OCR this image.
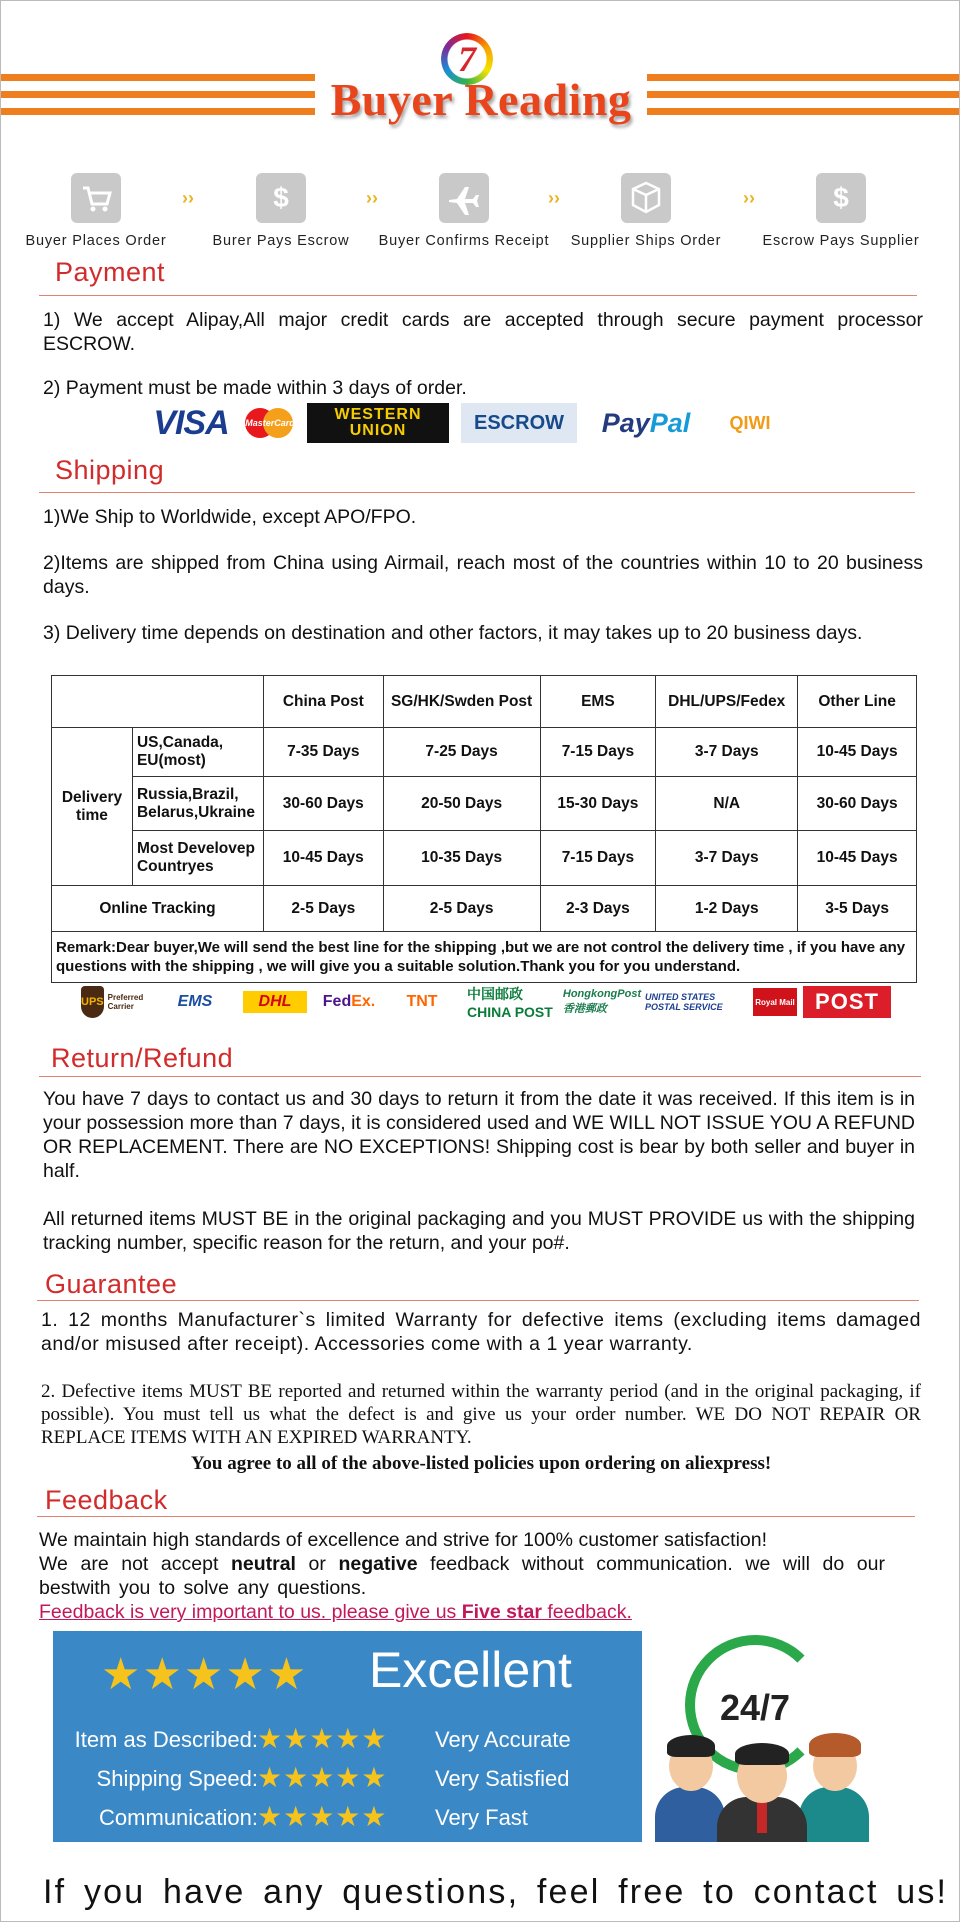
7
Buyer Reading
Buyer Places Order
››	$
Burer Pays Escrow
››
Buyer Confirms Receipt
››
Supplier Ships Order
››	$
Escrow Pays Supplier
Payment
1) We accept Alipay,All major credit cards are accepted through secure payment processor ESCROW.
2) Payment must be made within 3 days of order.
VISA	MasterCard WESTERN
UNION	ESCROW	Pay Pal	QIWI
Shipping
1)We Ship to Worldwide, except APO/FPO.
2)Items are shipped from China using Airmail, reach most of the countries within 10 to 20 business days.
3) Delivery time depends on destination and other factors, it may takes up to 20 business days.
		China Post	SG/HK/Swden Post	EMS	DHL/UPS/Fedex	Other Line
Delivery time	US,Canada, EU(most)	7-35 Days	7-25 Days	7-15 Days	3-7 Days	10-45 Days
	Russia,Brazil, Belarus,Ukraine	30-60 Days	20-50 Days	15-30 Days	N/A	30-60 Days
	Most Develovep Countryes	10-45 Days	10-35 Days	7-15 Days	3-7 Days	10-45 Days
Online Tracking		2-5 Days	2-5 Days	2-3 Days	1-2 Days	3-5 Days
Remark:Dear buyer,We will send the best line for the shipping ,but we are not control the delivery time , if you have any questions with the shipping , we will give you a suitable solution.Thank you for you understand.						
UPS Preferred Carrier	EMS	DHL	Fed Ex.	TNT	中国邮政 CHINA POST
HongkongPost 香港郵政
UNITED STATES POSTAL SERVICE	Royal Mail POST
Return/Refund
You have 7 days to contact us and 30 days to return it from the date it was received. If this item is in your possession more than 7 days, it is considered used and WE WILL NOT ISSUE YOU A REFUND OR REPLACEMENT. There are NO EXCEPTIONS! Shipping cost is bear by both seller and buyer in half.
All returned items MUST BE in the original packaging and you MUST PROVIDE us with the shipping tracking number, specific reason for the return, and your po#.
Guarantee
1. 12 months Manufacturer`s limited Warranty for defective items (excluding items damaged and/or misused after receipt). Accessories come with a 1 year warranty.
2. Defective items MUST BE reported and returned within the warranty period (and in the original packaging, if possible). You must tell us what the defect is and give us your order number. WE DO NOT REPAIR OR REPLACE ITEMS WITH AN EXPIRED WARRANTY.
You agree to all of the above-listed policies upon ordering on aliexpress!
Feedback
We maintain high standards of excellence and strive for 100% customer satisfaction!
We are not accept neutral or negative feedback without communication. we will do our bestwith you to solve any questions.
Feedback is very important to us. please give us Five star feedback.
★★★★★ Excellent
Item as Described: ★★★★★ Very Accurate
Shipping Speed: ★★★★★ Very Satisfied
Communication: ★★★★★ Very Fast
24/7
If you have any questions, feel free to contact us!
